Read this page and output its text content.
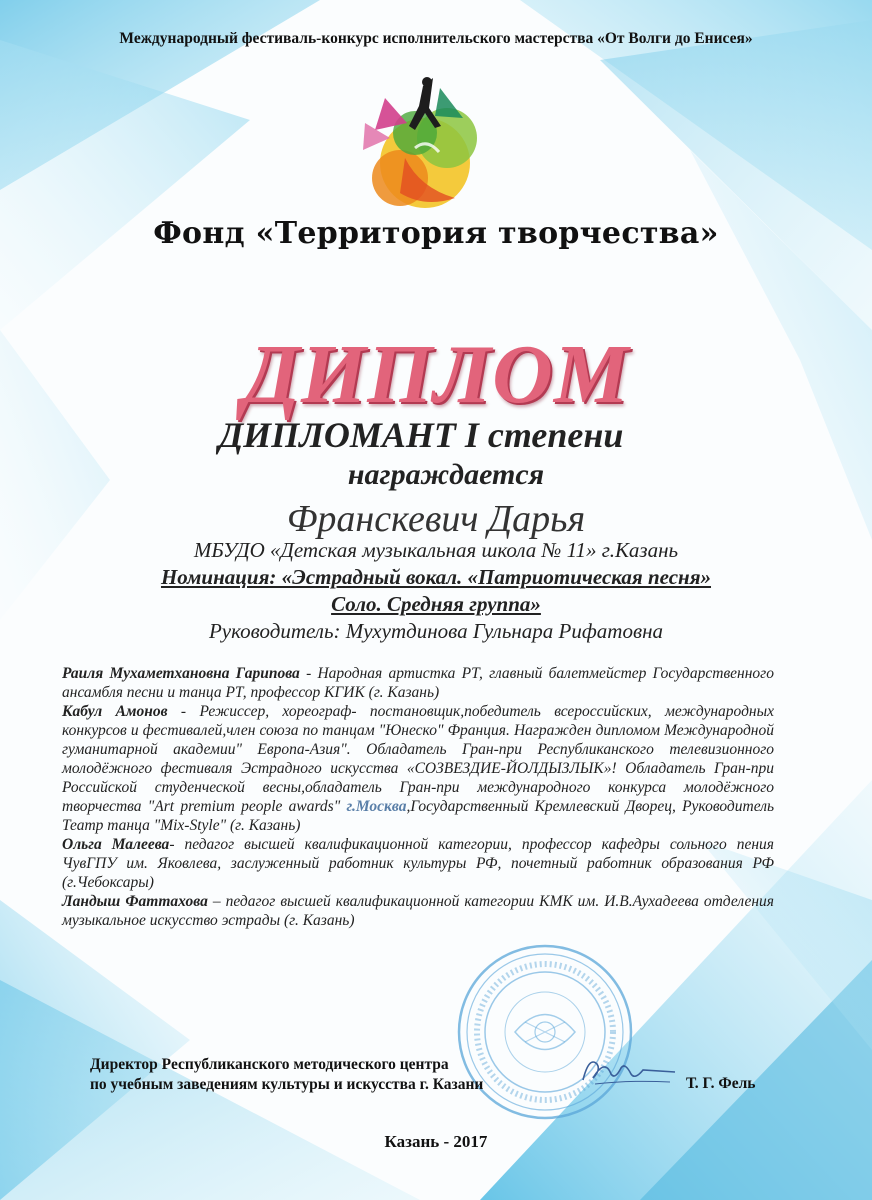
Международный фестиваль-конкурс исполнительского мастерства «От Волги до Енисея»
Фонд «Территория творчества»
ДИПЛОМ
ДИПЛОМАНТ I степени
награждается
Франскевич Дарья
МБУДО «Детская музыкальная школа № 11» г.Казань
Номинация: «Эстрадный вокал. «Патриотическая песня»
Соло. Средняя группа»
Руководитель: Мухутдинова Гульнара Рифатовна

Раиля Мухаметхановна Гарипова - Народная артистка РТ, главный балетмейстер Государственного ансамбля песни и танца РТ, профессор КГИК (г. Казань)

Кабул Амонов - Режиссер, хореограф- постановщик,победитель всероссийских, международных конкурсов и фестивалей,член союза по танцам "Юнеско" Франция. Награжден дипломом Международной гуманитарной академии" Европа-Азия". Обладатель Гран-при Республиканского телевизионного молодёжного фестиваля Эстрадного искусства «СОЗВЕЗДИЕ-ЙОЛДЫЗЛЫК»! Обладатель Гран-при Российской студенческой весны,обладатель Гран-при международного конкурса молодёжного творчества "Art premium people awards" г.Москва,Государственный Кремлевский Дворец, Руководитель Театр танца "Mix-Style" (г. Казань)

Ольга Малеева- педагог высшей квалификационной категории, профессор кафедры сольного пения ЧувГПУ им. Яковлева, заслуженный работник культуры РФ, почетный работник образования РФ (г.Чебоксары)

Ландыш Фаттахова – педагог высшей квалификационной категории КМК им. И.В.Аухадеева отделения музыкальное искусство эстрады (г. Казань)

Директор Республиканского методического центра
по учебным заведениям культуры и искусства г. Казани	Т. Г. Фель
Казань - 2017
